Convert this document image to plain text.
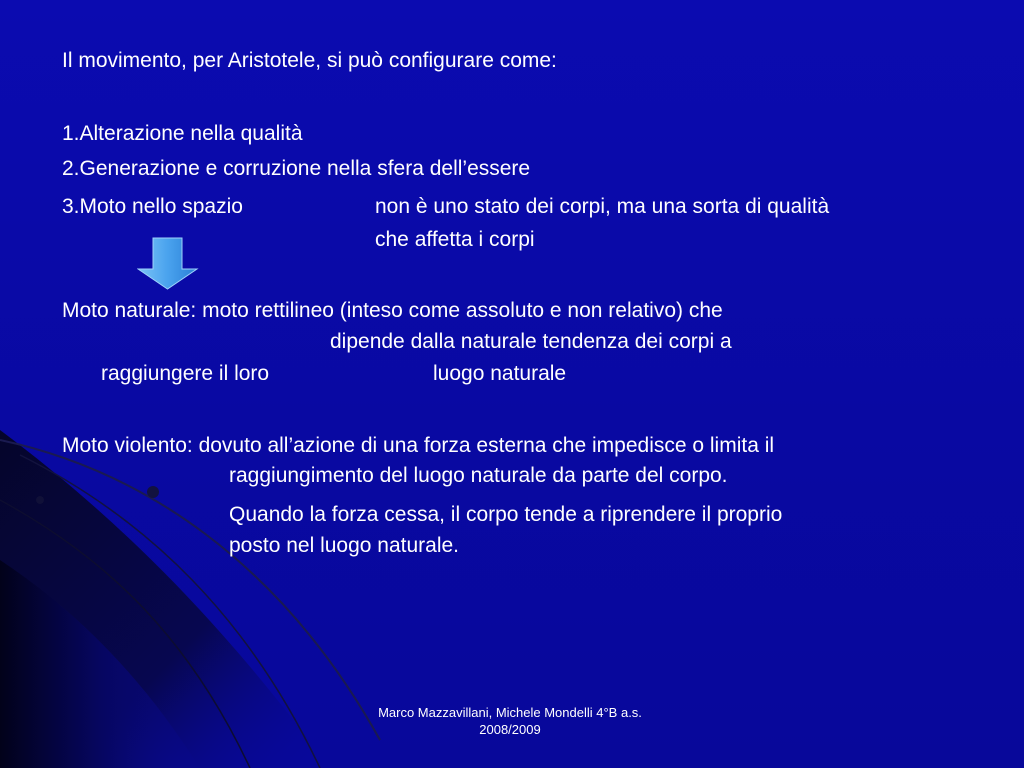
Il movimento, per Aristotele, si può configurare come:
1.Alterazione nella qualità
2.Generazione e corruzione nella sfera dell’essere
3.Moto nello spazio	non è uno stato dei corpi, ma una sorta di qualità
che affetta i corpi
Moto naturale: moto rettilineo (inteso come assoluto e non relativo) che
dipende dalla naturale tendenza dei corpi a
raggiungere il loro	luogo naturale
Moto violento: dovuto all’azione di una forza esterna che impedisce o limita il
raggiungimento del luogo naturale da parte del corpo.
Quando la forza cessa, il corpo tende a riprendere il proprio
posto nel luogo naturale.
Marco Mazzavillani, Michele Mondelli 4°B a.s.
2008/2009
